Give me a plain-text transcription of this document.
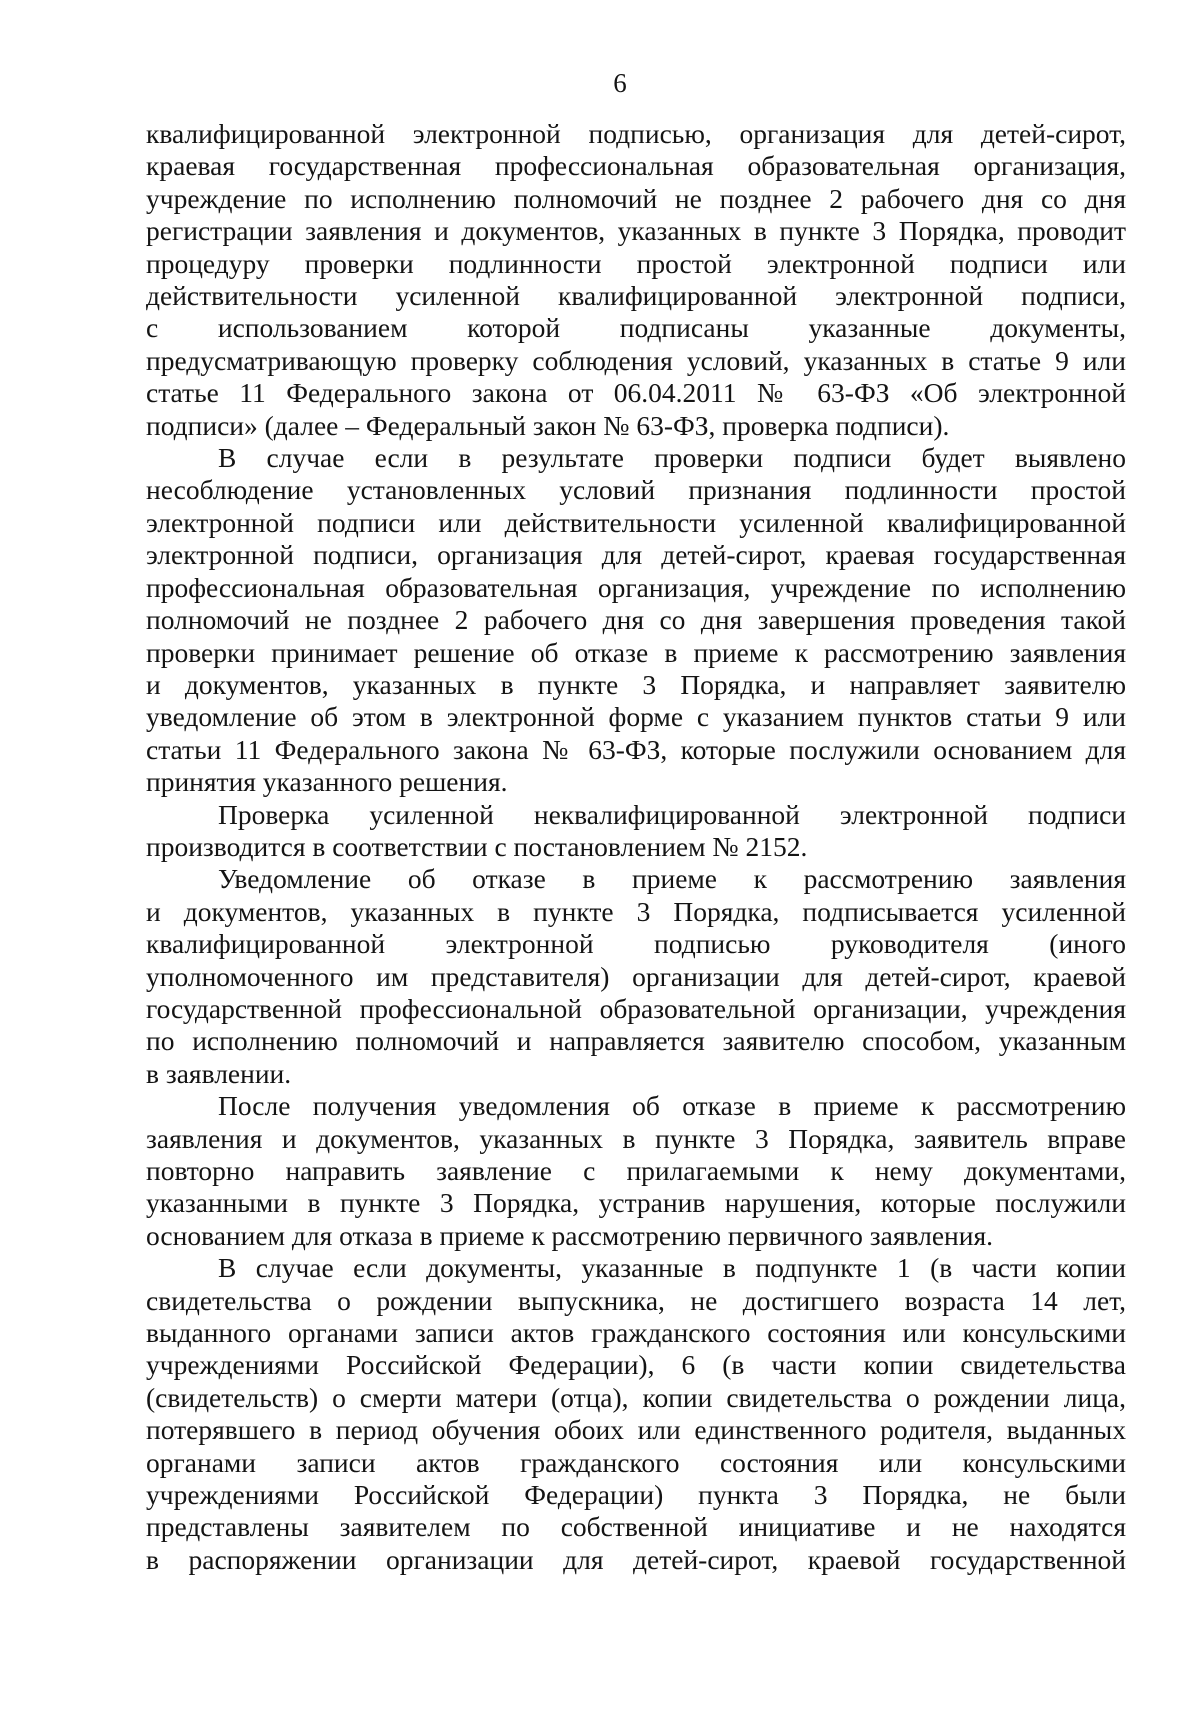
6
квалифицированной электронной подписью, организация для детей-сирот,
краевая государственная профессиональная образовательная организация,
учреждение по исполнению полномочий не позднее 2 рабочего дня со дня
регистрации заявления и документов, указанных в пункте 3 Порядка, проводит
процедуру проверки подлинности простой электронной подписи или
действительности усиленной квалифицированной электронной подписи,
с использованием которой подписаны указанные документы,
предусматривающую проверку соблюдения условий, указанных в статье 9 или
статье 11 Федерального закона от 06.04.2011 № 63-ФЗ «Об электронной
подписи» (далее – Федеральный закон № 63-ФЗ, проверка подписи).
В случае если в результате проверки подписи будет выявлено
несоблюдение установленных условий признания подлинности простой
электронной подписи или действительности усиленной квалифицированной
электронной подписи, организация для детей-сирот, краевая государственная
профессиональная образовательная организация, учреждение по исполнению
полномочий не позднее 2 рабочего дня со дня завершения проведения такой
проверки принимает решение об отказе в приеме к рассмотрению заявления
и документов, указанных в пункте 3 Порядка, и направляет заявителю
уведомление об этом в электронной форме с указанием пунктов статьи 9 или
статьи 11 Федерального закона № 63-ФЗ, которые послужили основанием для
принятия указанного решения.
Проверка усиленной неквалифицированной электронной подписи
производится в соответствии с постановлением № 2152.
Уведомление об отказе в приеме к рассмотрению заявления
и документов, указанных в пункте 3 Порядка, подписывается усиленной
квалифицированной электронной подписью руководителя (иного
уполномоченного им представителя) организации для детей-сирот, краевой
государственной профессиональной образовательной организации, учреждения
по исполнению полномочий и направляется заявителю способом, указанным
в заявлении.
После получения уведомления об отказе в приеме к рассмотрению
заявления и документов, указанных в пункте 3 Порядка, заявитель вправе
повторно направить заявление с прилагаемыми к нему документами,
указанными в пункте 3 Порядка, устранив нарушения, которые послужили
основанием для отказа в приеме к рассмотрению первичного заявления.
В случае если документы, указанные в подпункте 1 (в части копии
свидетельства о рождении выпускника, не достигшего возраста 14 лет,
выданного органами записи актов гражданского состояния или консульскими
учреждениями Российской Федерации), 6 (в части копии свидетельства
(свидетельств) о смерти матери (отца), копии свидетельства о рождении лица,
потерявшего в период обучения обоих или единственного родителя, выданных
органами записи актов гражданского состояния или консульскими
учреждениями Российской Федерации) пункта 3 Порядка, не были
представлены заявителем по собственной инициативе и не находятся
в распоряжении организации для детей-сирот, краевой государственной
